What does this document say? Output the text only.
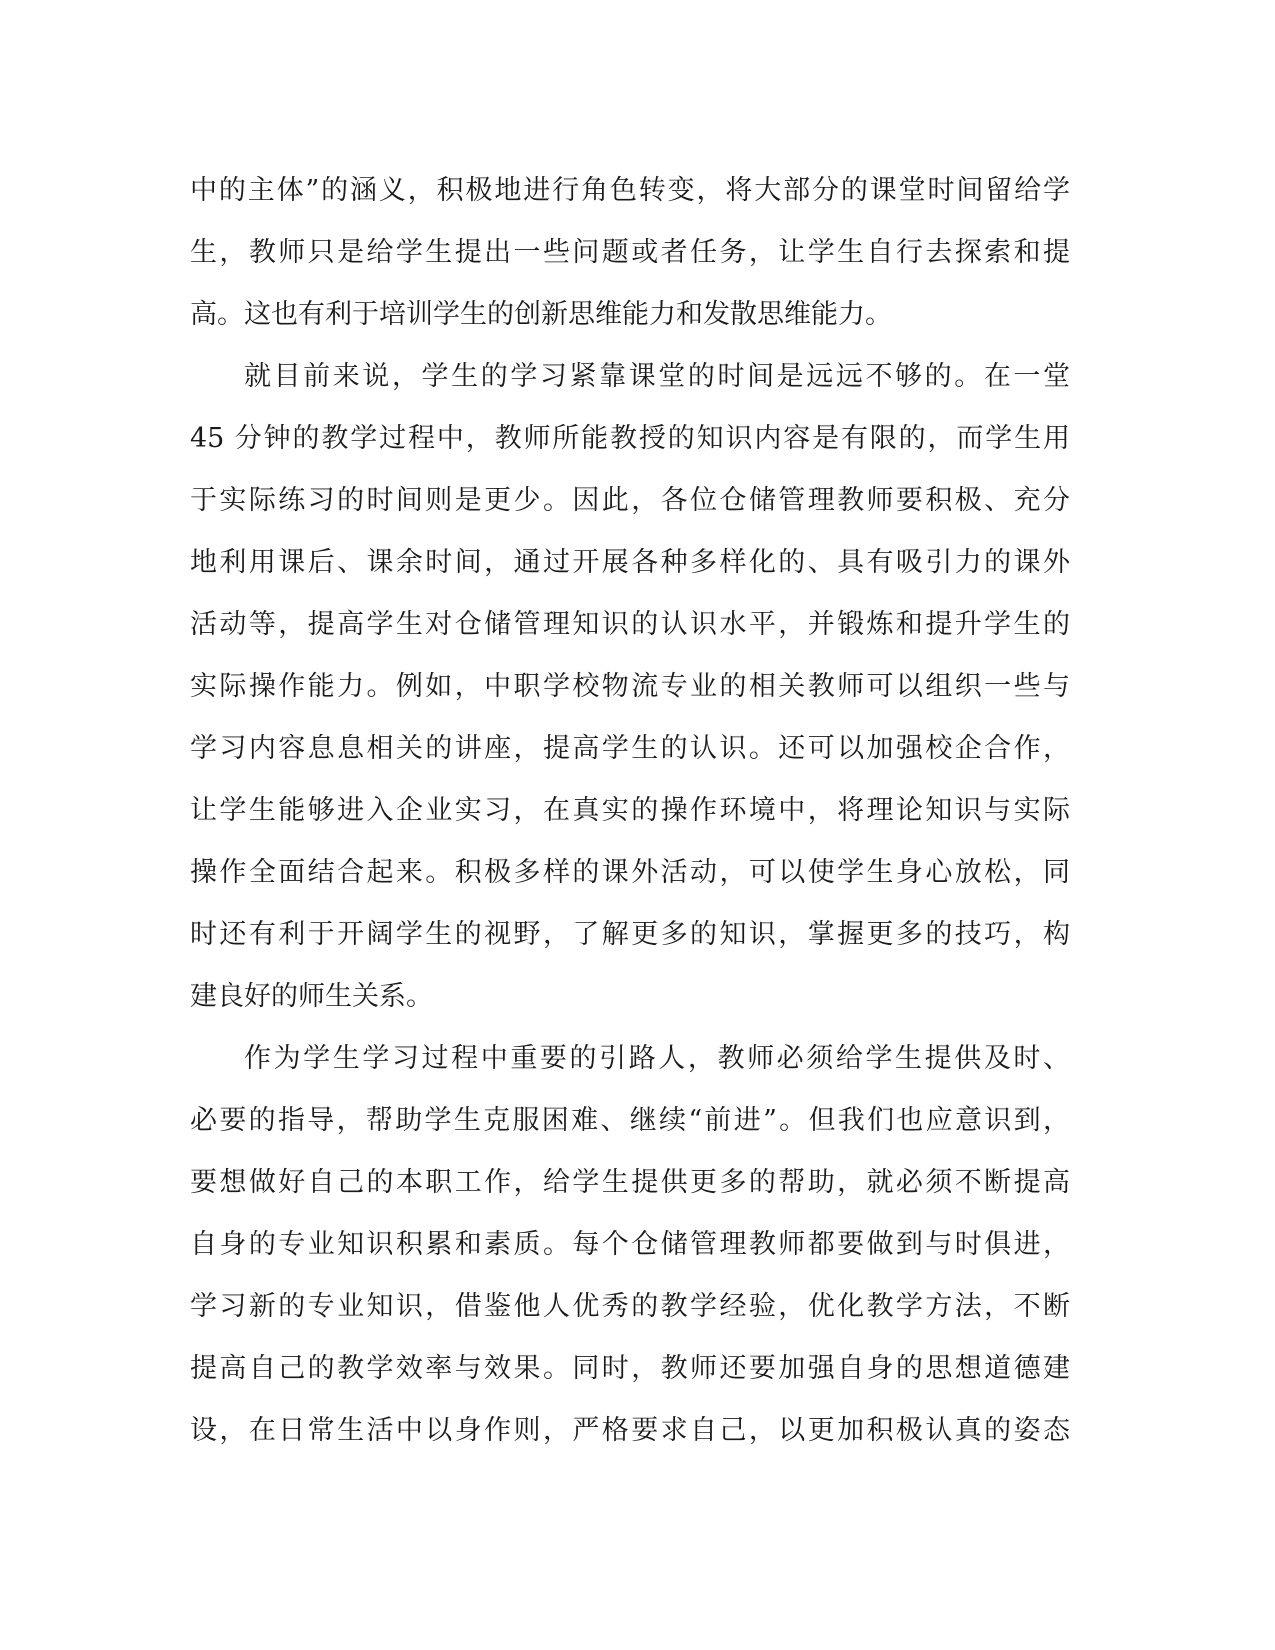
中的主体”的涵义，积极地进行角色转变，将大部分的课堂时间留给学
生，教师只是给学生提出一些问题或者任务，让学生自行去探索和提
高。这也有利于培训学生的创新思维能力和发散思维能力。
就目前来说，学生的学习紧靠课堂的时间是远远不够的。在一堂
45 分钟的教学过程中，教师所能教授的知识内容是有限的，而学生用
于实际练习的时间则是更少。因此，各位仓储管理教师要积极、充分
地利用课后、课余时间，通过开展各种多样化的、具有吸引力的课外
活动等，提高学生对仓储管理知识的认识水平，并锻炼和提升学生的
实际操作能力。例如，中职学校物流专业的相关教师可以组织一些与
学习内容息息相关的讲座，提高学生的认识。还可以加强校企合作，
让学生能够进入企业实习，在真实的操作环境中，将理论知识与实际
操作全面结合起来。积极多样的课外活动，可以使学生身心放松，同
时还有利于开阔学生的视野，了解更多的知识，掌握更多的技巧，构
建良好的师生关系。
作为学生学习过程中重要的引路人，教师必须给学生提供及时、
必要的指导，帮助学生克服困难、继续“前进”。但我们也应意识到，
要想做好自己的本职工作，给学生提供更多的帮助，就必须不断提高
自身的专业知识积累和素质。每个仓储管理教师都要做到与时俱进，
学习新的专业知识，借鉴他人优秀的教学经验，优化教学方法，不断
提高自己的教学效率与效果。同时，教师还要加强自身的思想道德建
设，在日常生活中以身作则，严格要求自己，以更加积极认真的姿态
